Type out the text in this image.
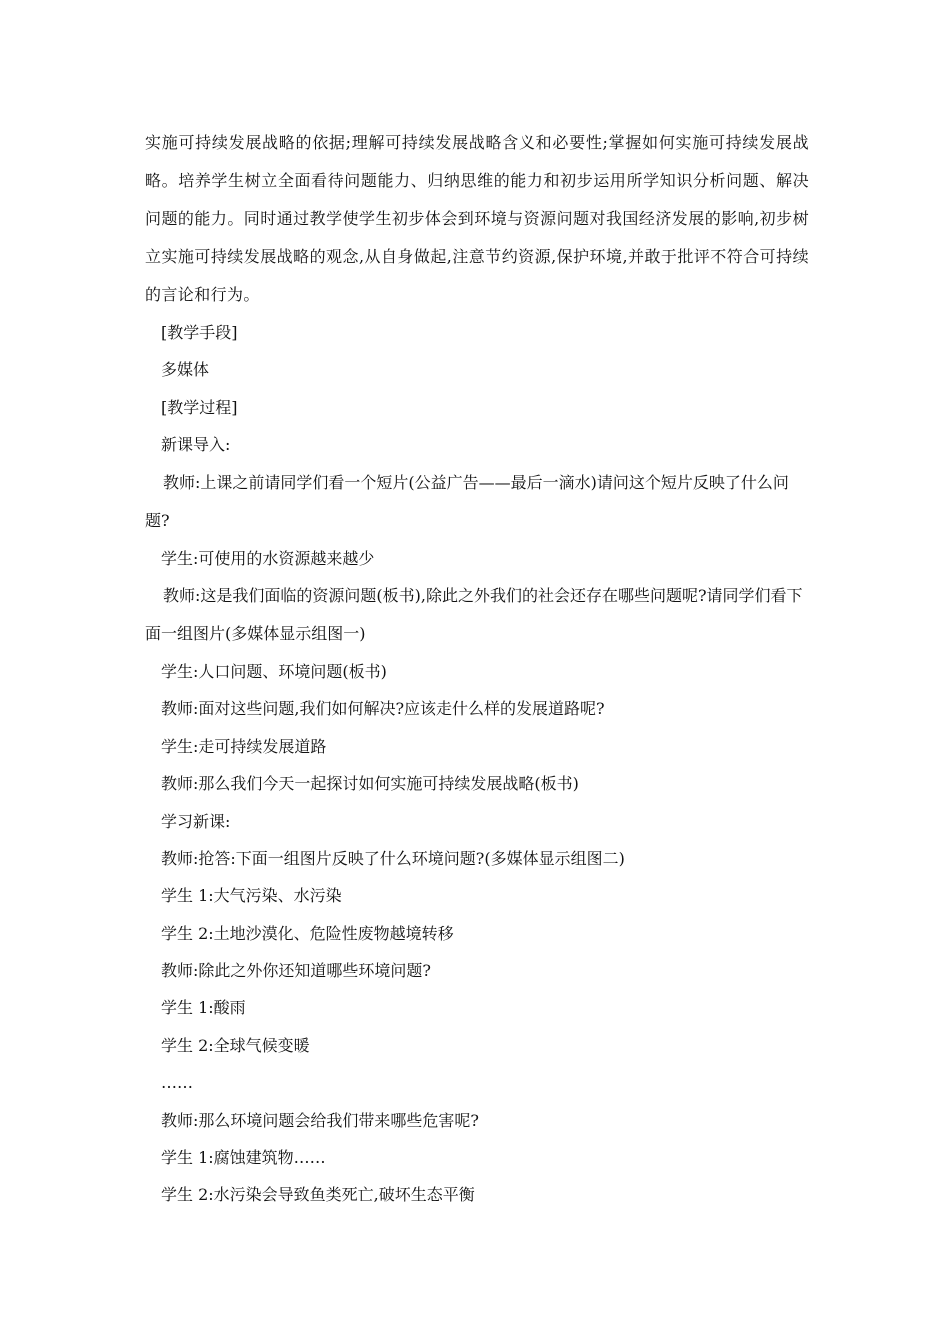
实施可持续发展战略的依据;理解可持续发展战略含义和必要性;掌握如何实施可持续发展战略。培养学生树立全面看待问题能力、归纳思维的能力和初步运用所学知识分析问题、解决问题的能力。同时通过教学使学生初步体会到环境与资源问题对我国经济发展的影响,初步树立实施可持续发展战略的观念,从自身做起,注意节约资源,保护环境,并敢于批评不符合可持续的言论和行为。

[教学手段]

多媒体

[教学过程]

新课导入:

教师:上课之前请同学们看一个短片(公益广告——最后一滴水)请问这个短片反映了什么问题?

学生:可使用的水资源越来越少

教师:这是我们面临的资源问题(板书),除此之外我们的社会还存在哪些问题呢?请同学们看下面一组图片(多媒体显示组图一)

学生:人口问题、环境问题(板书)

教师:面对这些问题,我们如何解决?应该走什么样的发展道路呢?

学生:走可持续发展道路

教师:那么我们今天一起探讨如何实施可持续发展战略(板书)

学习新课:

教师:抢答:下面一组图片反映了什么环境问题?(多媒体显示组图二)

学生 1:大气污染、水污染

学生 2:土地沙漠化、危险性废物越境转移

教师:除此之外你还知道哪些环境问题?

学生 1:酸雨

学生 2:全球气候变暖

……

教师:那么环境问题会给我们带来哪些危害呢?

学生 1:腐蚀建筑物……

学生 2:水污染会导致鱼类死亡,破坏生态平衡
